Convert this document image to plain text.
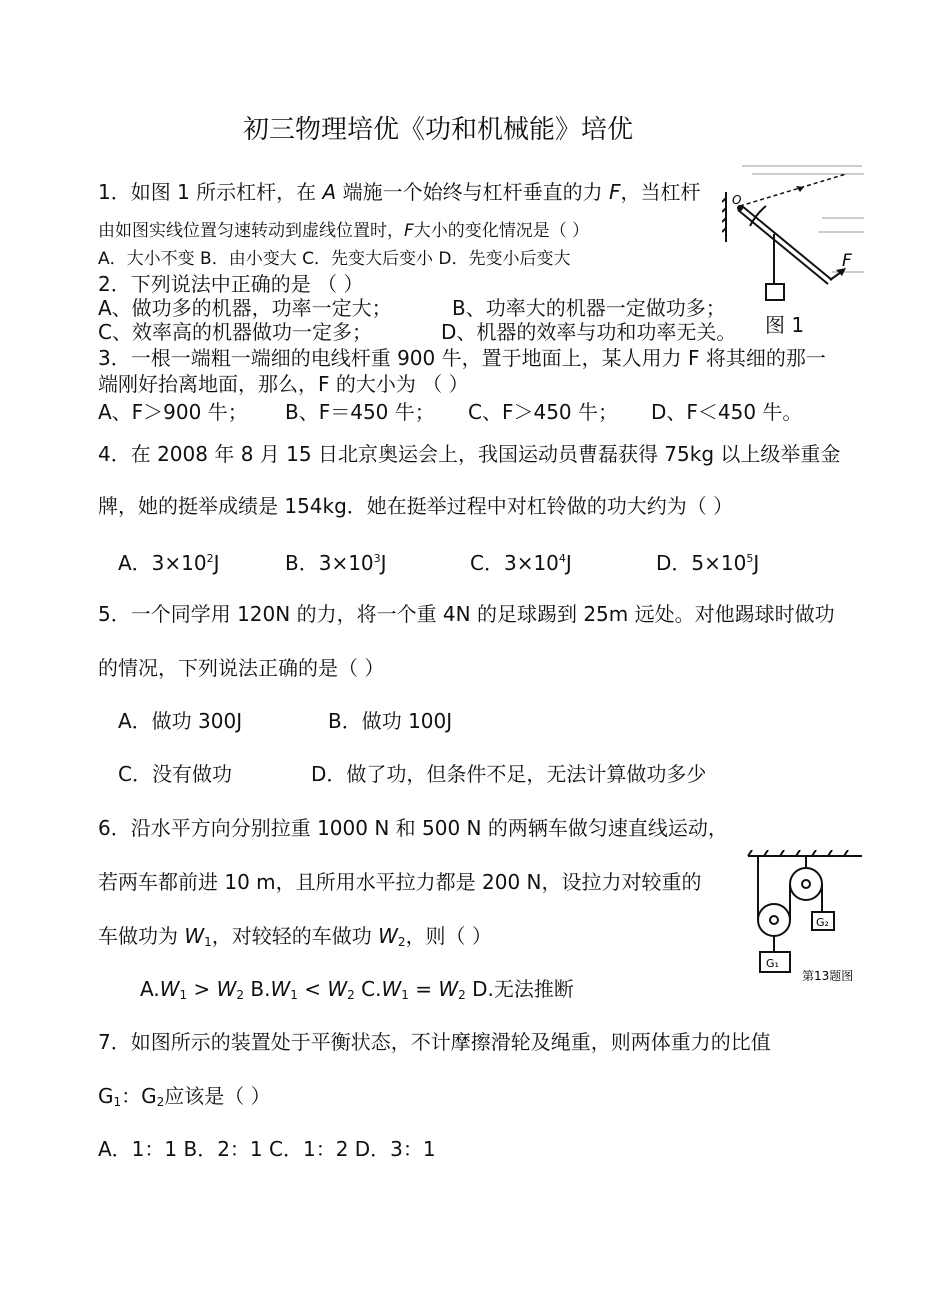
初三物理培优《功和机械能》培优
1．如图 1 所示杠杆，在 A 端施一个始终与杠杆垂直的力 F，当杠杆
由如图实线位置匀速转动到虚线位置时，F大小的变化情况是（ ）
A．大小不变 B．由小变大 C．先变大后变小 D．先变小后变大
O
F
图 1
2．下列说法中正确的是 （ ）
A、做功多的机器，功率一定大；	B、功率大的机器一定做功多；
C、效率高的机器做功一定多；	D、机器的效率与功和功率无关。
3．一根一端粗一端细的电线杆重 900 牛，置于地面上，某人用力 F 将其细的那一
端刚好抬离地面，那么，F 的大小为 （ ）
A、F＞900 牛； B、F＝450 牛； C、F＞450 牛； D、F＜450 牛。
4．在 2008 年 8 月 15 日北京奥运会上，我国运动员曹磊获得 75kg 以上级举重金
牌，她的挺举成绩是 154kg．她在挺举过程中对杠铃做的功大约为（ ）
A．$3\times 10^2J$	B．$3\times 10^3J$	C．$3\times 10^4J$	D．$5\times 10^5J$
5．一个同学用 120N 的力，将一个重 4N 的足球踢到 25m 远处。对他踢球时做功
的情况，下列说法正确的是（ ）
A．做功 300J	B．做功 100J
C．没有做功	D．做了功，但条件不足，无法计算做功多少
6．沿水平方向分别拉重 1000 N 和 500 N 的两辆车做匀速直线运动，
若两车都前进 10 m，且所用水平拉力都是 200 N，设拉力对较重的
车做功为 $W_1$，对较轻的车做功 $W_2$，则（ ）
$A.W_1 > W_2$ $B.W_1 < W_2$ $C.W_1 = W_2$ D.无法推断
G₁
G₂
第13题图
7．如图所示的装置处于平衡状态，不计摩擦滑轮及绳重，则两体重力的比值
$G_1$：$G_2$应该是（ ）
A．1：1 B．2：1 C．1：2 D．3：1
